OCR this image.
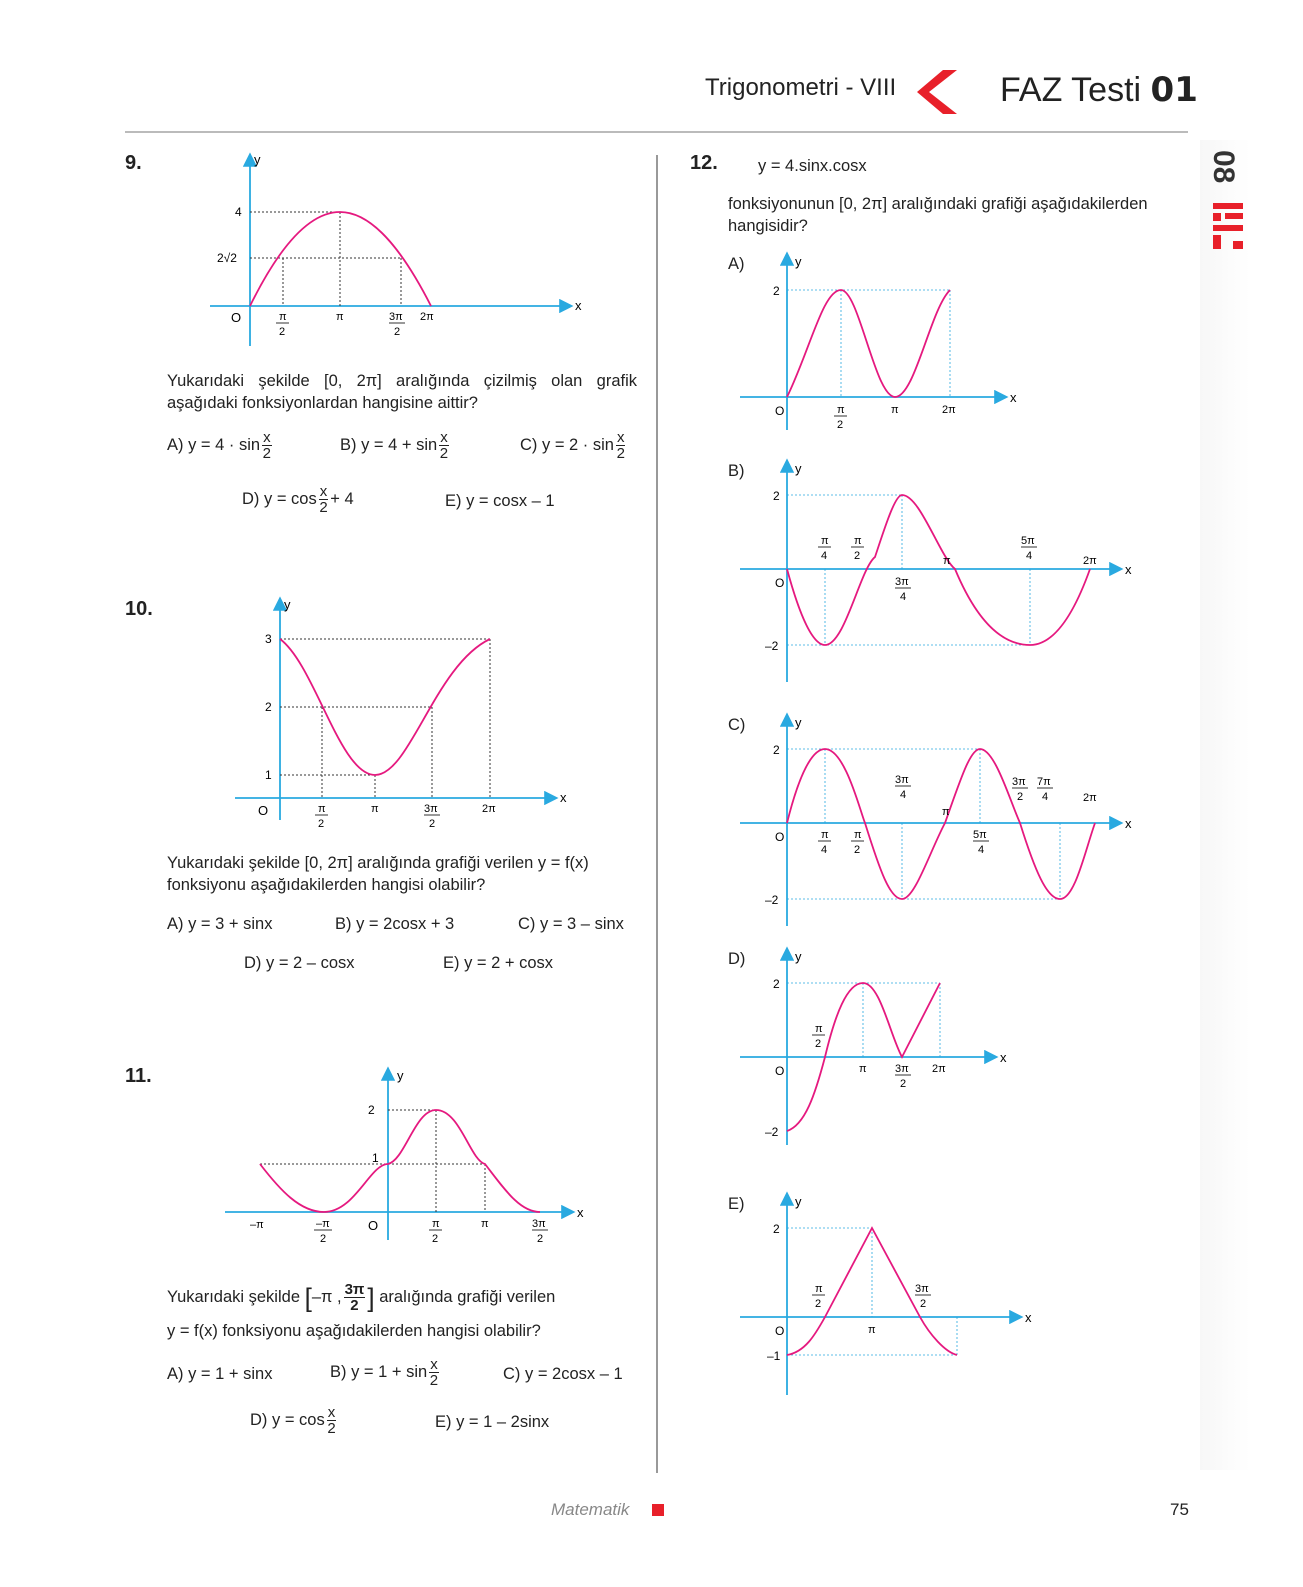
Trigonometri - VIII	FAZ Testi 01
08
9.
x
y
O
4
2√2
π
2
π	3π
2
2π
Yukarıdaki şekilde [0, 2π] aralığında çizilmiş olan grafik aşağıdaki fonksiyonlardan hangisine aittir?
A) $y = 4 \cdot \sin \frac{x}{2}$	B) $y = 4 + \sin \frac{x}{2}$	C) $y = 2 \cdot \sin \frac{x}{2}$
D) $y = \cos \frac{x}{2} + 4$	E) y = cosx – 1
10.
x
y
O
3
2
1
π
2
π	3π
2
2π
Yukarıdaki şekilde [0, 2π] aralığında grafiği verilen y = f(x) fonksiyonu aşağıdakilerden hangisi olabilir?
A) y = 3 + sinx	B) y = 2cosx + 3	C) y = 3 – sinx
D) y = 2 – cosx	E) y = 2 + cosx
11.
x
y
O
2
1
–π	–π
2
π
2
π	3π
2
Yukarıdaki şekilde [–π , $\frac{3\pi}{2}$ ] aralığında grafiği verilen
y = f(x) fonksiyonu aşağıdakilerden hangisi olabilir?
A) y = 1 + sinx	B) $y = 1 + \sin \frac{x}{2}$	C) y = 2cosx – 1
D) $y = \cos \frac{x}{2}$	E) y = 1 – 2sinx
12. y = 4.sinx.cosx
fonksiyonunun [0, 2π] aralığındaki grafiği aşağıdakilerden hangisidir?
A)
x
y
O
2
π
2
π	2π
B)
x
y
O
2
–2
π
4
π
2
3π
4
π
5π
4	2π
C)
x
y
O
2
–2
π
4
π
2
3π
4
π
5π
4
3π
2
7π
4	2π
D)
x
y
O
2
–2
π
2
π	3π
2
2π
E)
x
y
O
2
–1
π
2
π
3π
2
Matematik	75
